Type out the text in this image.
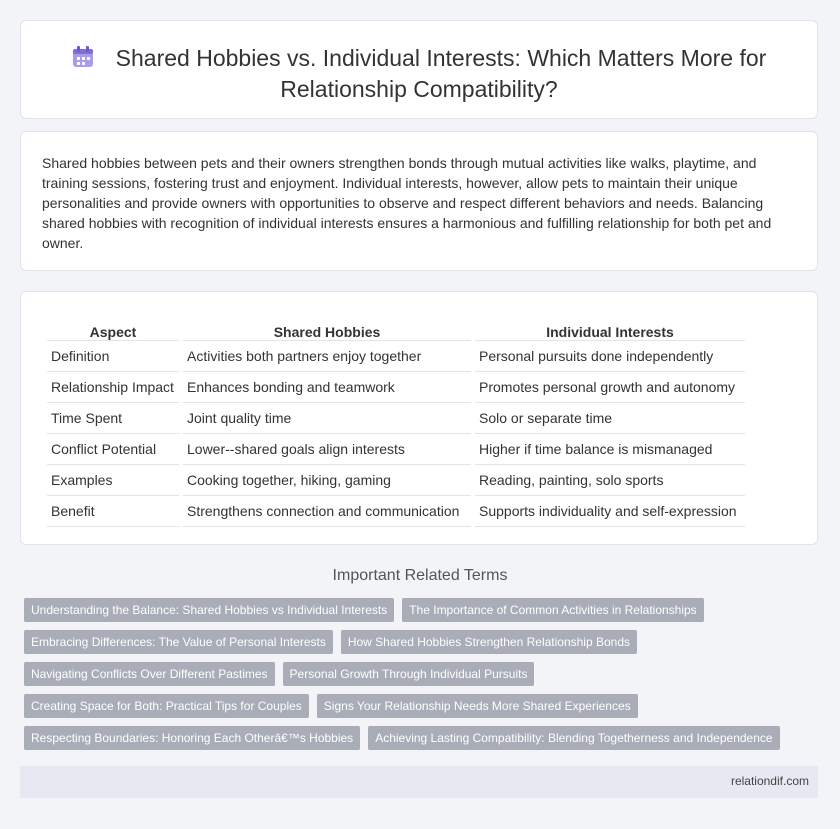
Shared Hobbies vs. Individual Interests: Which Matters More for Relationship Compatibility?
Shared hobbies between pets and their owners strengthen bonds through mutual activities like walks, playtime, and training sessions, fostering trust and enjoyment. Individual interests, however, allow pets to maintain their unique personalities and provide owners with opportunities to observe and respect different behaviors and needs. Balancing shared hobbies with recognition of individual interests ensures a harmonious and fulfilling relationship for both pet and owner.
Aspect	Shared Hobbies	Individual Interests
Definition	Activities both partners enjoy together	Personal pursuits done independently
Relationship Impact	Enhances bonding and teamwork	Promotes personal growth and autonomy
Time Spent	Joint quality time	Solo or separate time
Conflict Potential	Lower--shared goals align interests	Higher if time balance is mismanaged
Examples	Cooking together, hiking, gaming	Reading, painting, solo sports
Benefit	Strengthens connection and communication	Supports individuality and self-expression
Important Related Terms
Understanding the Balance: Shared Hobbies vs Individual Interests	The Importance of Common Activities in Relationships
Embracing Differences: The Value of Personal Interests	How Shared Hobbies Strengthen Relationship Bonds
Navigating Conflicts Over Different Pastimes	Personal Growth Through Individual Pursuits
Creating Space for Both: Practical Tips for Couples	Signs Your Relationship Needs More Shared Experiences
Respecting Boundaries: Honoring Each Otherâ€™s Hobbies	Achieving Lasting Compatibility: Blending Togetherness and Independence
relationdif.com
